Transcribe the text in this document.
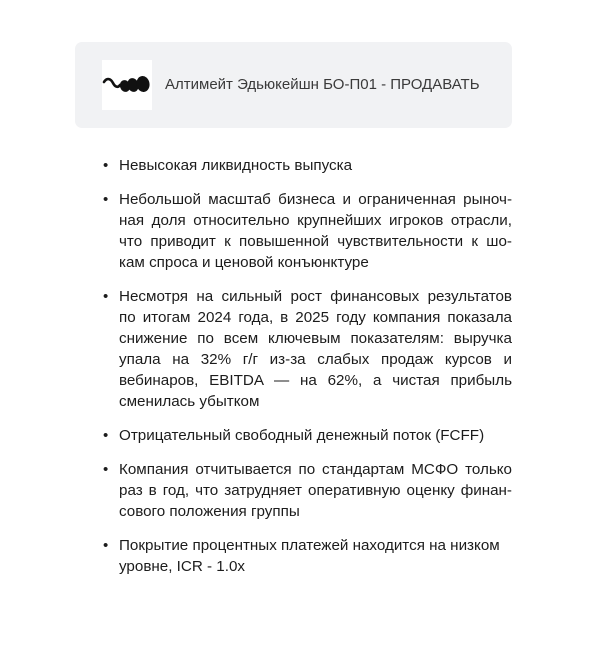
Алтимейт Эдьюкейшн БО-П01 - ПРОДАВАТЬ
• Невысокая ликвидность выпуска
• Небольшой масштаб бизнеса и ограниченная рыноч-ная доля относительно крупнейших игроков отрасли, что приводит к повышенной чувствительности к шо-кам спроса и ценовой конъюнктуре
• Несмотря на сильный рост финансовых результатов по итогам 2024 года, в 2025 году компания показала снижение по всем ключевым показателям: выручка упала на 32% г/г из-за слабых продаж курсов и вебинаров, EBITDA — на 62%, а чистая прибыль сменилась убытком
• Отрицательный свободный денежный поток (FCFF)
• Компания отчитывается по стандартам МСФО только раз в год, что затрудняет оперативную оценку финан-сового положения группы
• Покрытие процентных платежей находится на низком уровне, ICR - 1.0x
